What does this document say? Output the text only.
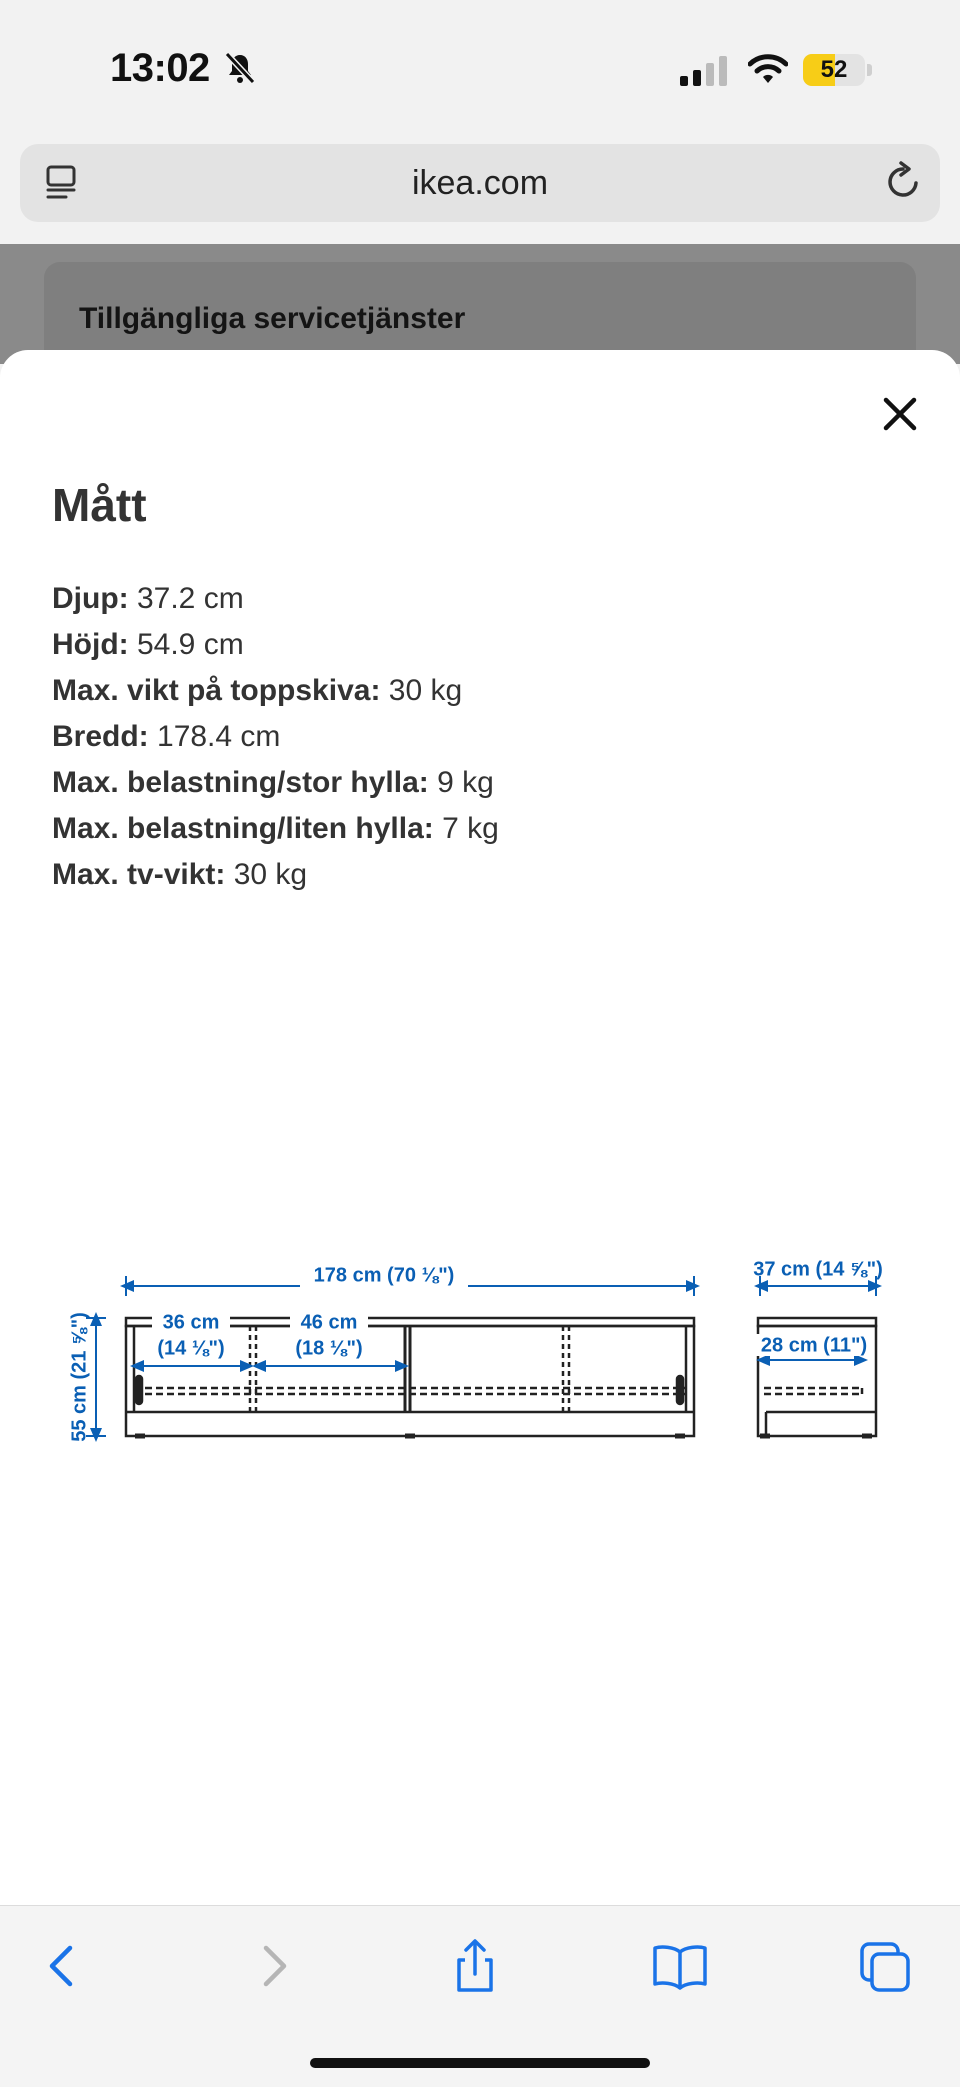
13:02	52
ikea.com
Tillgängliga servicetjänster
Mått
Djup: 37.2 cm
Höjd: 54.9 cm
Max. vikt på toppskiva: 30 kg
Bredd: 178.4 cm
Max. belastning/stor hylla: 9 kg
Max. belastning/liten hylla: 7 kg
Max. tv-vikt: 30 kg
178 cm (70 ⅛")
36 cm
(14 ⅛")
46 cm
(18 ⅛")
55 cm (21 ⅝")
37 cm (14 ⅝")
28 cm (11")
